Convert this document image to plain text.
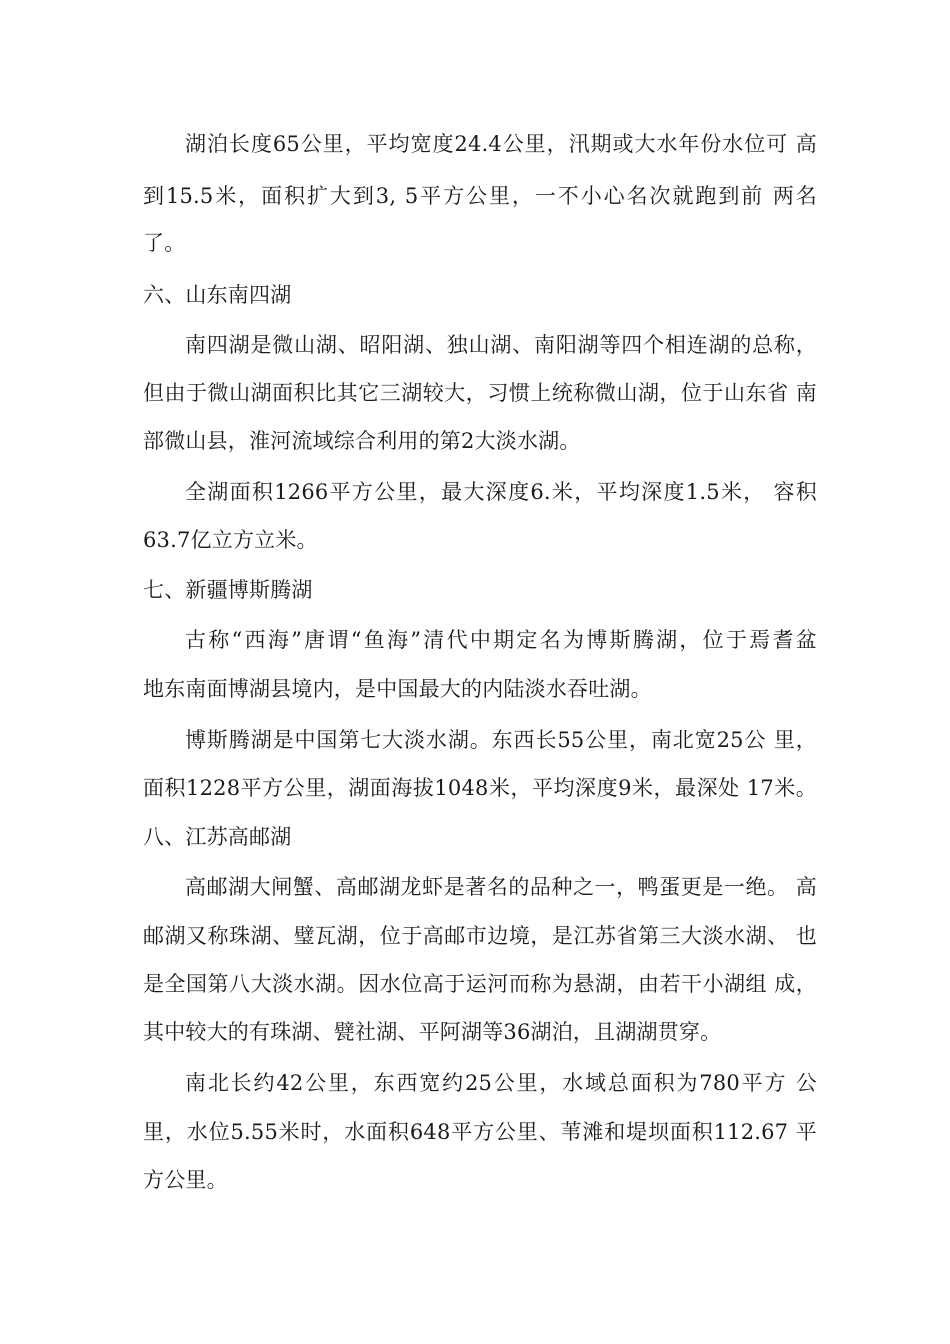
湖泊长度65公里，平均宽度24.4公里，汛期或大水年份水位可 高
到15.5米，面积扩大到3, 5平方公里，一不小心名次就跑到前 两名
了。
六、山东南四湖
南四湖是微山湖、昭阳湖、独山湖、南阳湖等四个相连湖的总称，
但由于微山湖面积比其它三湖较大，习惯上统称微山湖，位于山东省 南
部微山县，淮河流域综合利用的第2大淡水湖。
全湖面积1266平方公里，最大深度6.米，平均深度1.5米， 容积
63.7亿立方立米。
七、新疆博斯腾湖
古称“西海”唐谓“鱼海”清代中期定名为博斯腾湖，位于焉耆盆
地东南面博湖县境内，是中国最大的内陆淡水吞吐湖。
博斯腾湖是中国第七大淡水湖。东西长55公里，南北宽25公 里，
面积1228平方公里，湖面海拔1048米，平均深度9米，最深处 17米。
八、江苏高邮湖
高邮湖大闸蟹、高邮湖龙虾是著名的品种之一，鸭蛋更是一绝。 高
邮湖又称珠湖、璧瓦湖，位于高邮市边境，是江苏省第三大淡水湖、 也
是全国第八大淡水湖。因水位高于运河而称为悬湖，由若干小湖组 成，
其中较大的有珠湖、甓社湖、平阿湖等36湖泊，且湖湖贯穿。
南北长约42公里，东西宽约25公里，水域总面积为780平方 公
里，水位5.55米时，水面积648平方公里、苇滩和堤坝面积112.67 平
方公里。
